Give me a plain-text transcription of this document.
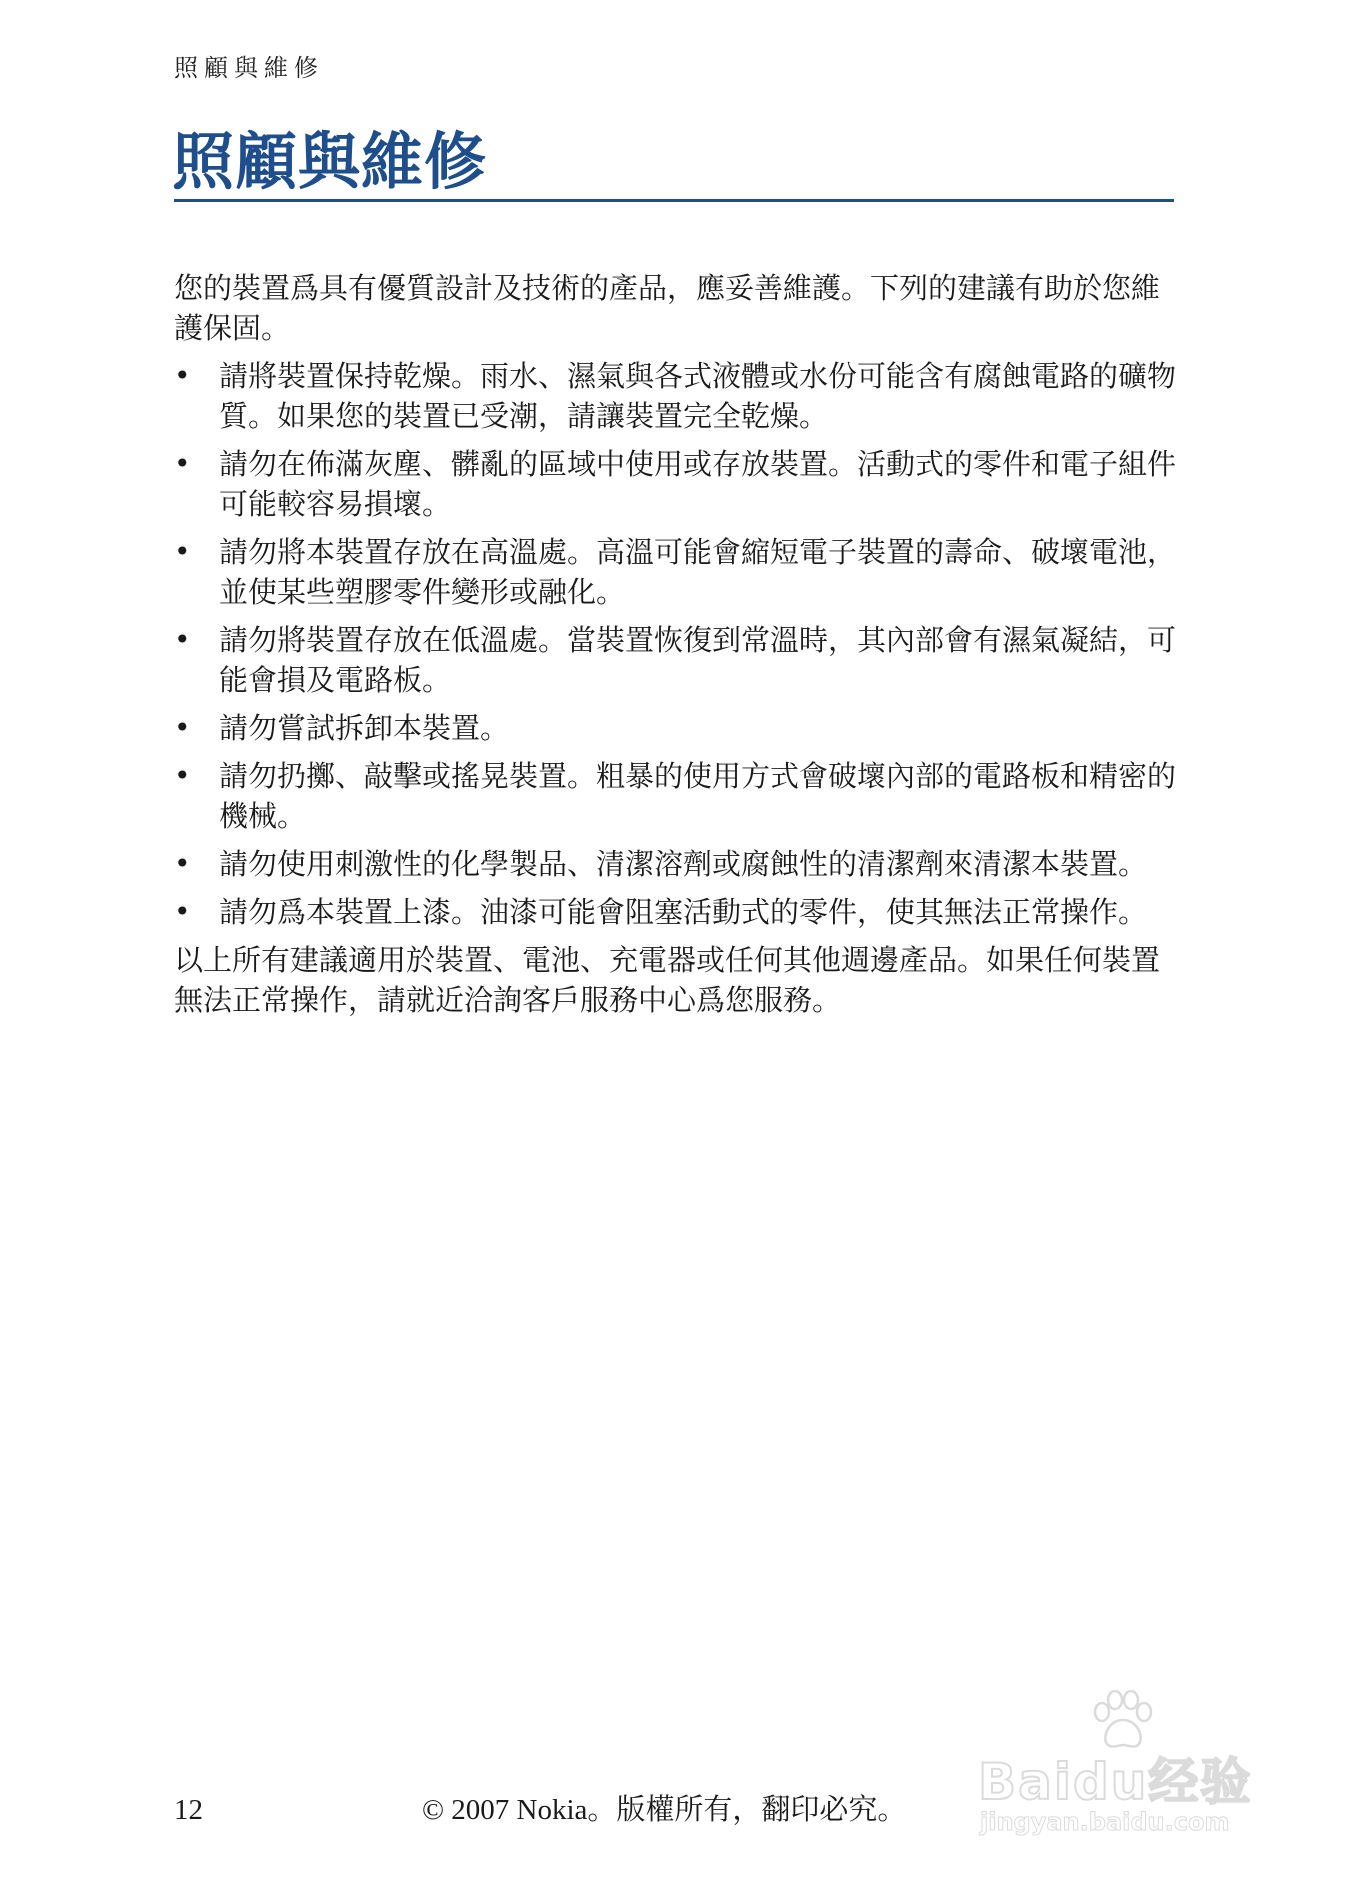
照顧與維修
照顧與維修

您的裝置爲具有優質設計及技術的產品，應妥善維護。下列的建議有助於您維護保固。

• 請將裝置保持乾燥。雨水、濕氣與各式液體或水份可能含有腐蝕電路的礦物質。如果您的裝置已受潮，請讓裝置完全乾燥。
• 請勿在佈滿灰塵、髒亂的區域中使用或存放裝置。活動式的零件和電子組件可能較容易損壞。
• 請勿將本裝置存放在高溫處。高溫可能會縮短電子裝置的壽命、破壞電池，並使某些塑膠零件變形或融化。
• 請勿將裝置存放在低溫處。當裝置恢復到常溫時，其內部會有濕氣凝結，可能會損及電路板。
• 請勿嘗試拆卸本裝置。
• 請勿扔擲、敲擊或搖晃裝置。粗暴的使用方式會破壞內部的電路板和精密的機械。
• 請勿使用刺激性的化學製品、清潔溶劑或腐蝕性的清潔劑來清潔本裝置。
• 請勿爲本裝置上漆。油漆可能會阻塞活動式的零件，使其無法正常操作。

以上所有建議適用於裝置、電池、充電器或任何其他週邊產品。如果任何裝置無法正常操作，請就近洽詢客戶服務中心爲您服務。

Baidu经验
jingyan.baidu.com
12	© 2007 Nokia。版權所有，翻印必究。
